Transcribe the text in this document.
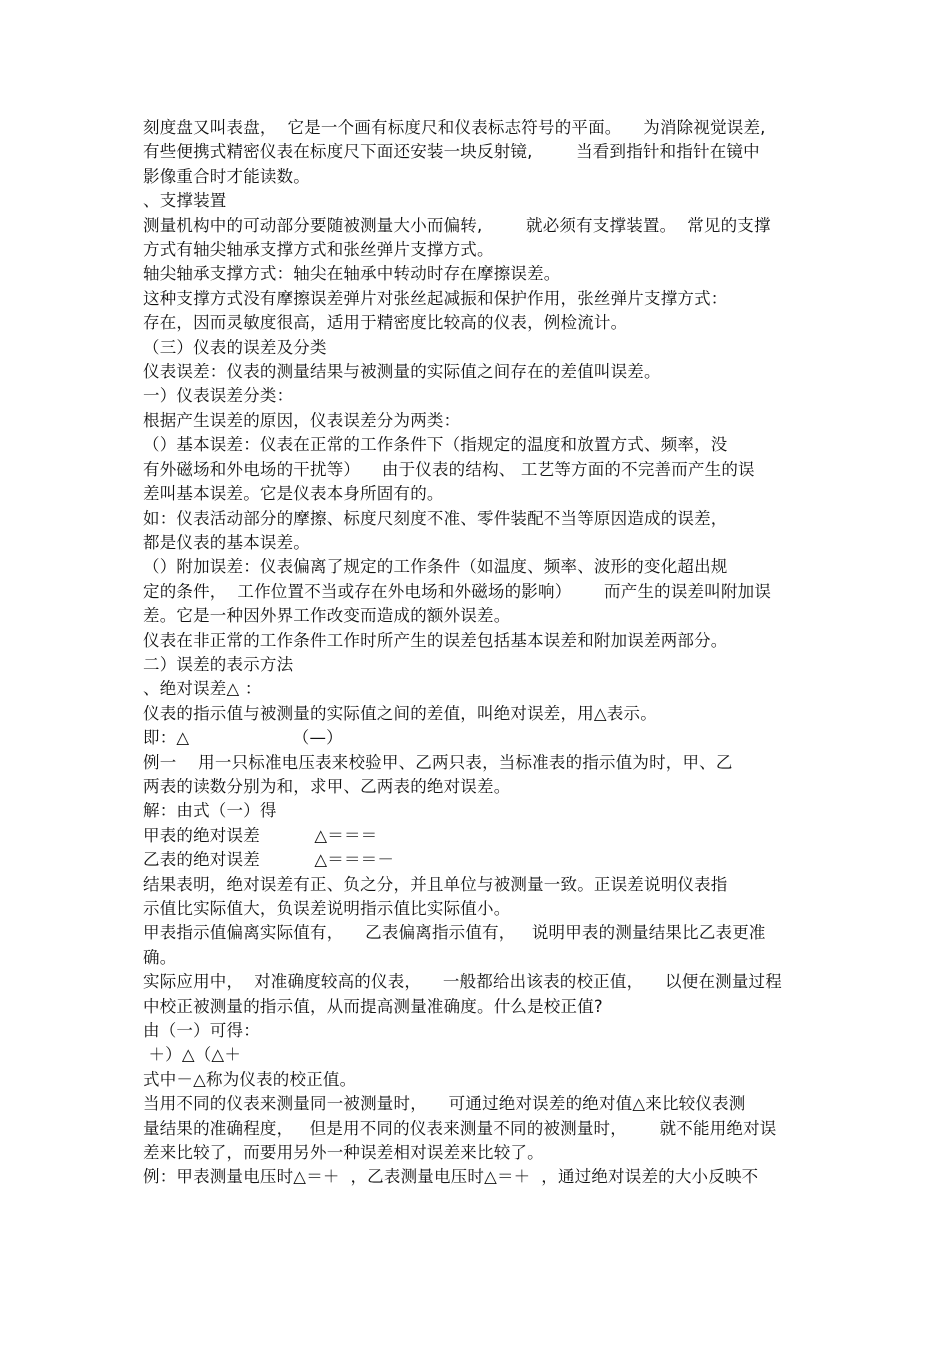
刻度盘又叫表盘，  它是一个画有标度尺和仪表标志符号的平面。    为消除视觉误差,

有些便携式精密仪表在标度尺下面还安装一块反射镜,        当看到指针和指针在镜中

影像重合时才能读数。

、支撑装置

测量机构中的可动部分要随被测量大小而偏转,        就必须有支撑装置。  常见的支撑

方式有轴尖轴承支撑方式和张丝弹片支撑方式。

轴尖轴承支撑方式：轴尖在轴承中转动时存在摩擦误差。

这种支撑方式没有摩擦误差弹片对张丝起减振和保护作用，张丝弹片支撑方式：

存在，因而灵敏度很高，适用于精密度比较高的仪表，例检流计。

（三）仪表的误差及分类

仪表误差：仪表的测量结果与被测量的实际值之间存在的差值叫误差。

一）仪表误差分类：

根据产生误差的原因，仪表误差分为两类：

（）基本误差：仪表在正常的工作条件下（指规定的温度和放置方式、频率，没

有外磁场和外电场的干扰等）    由于仪表的结构、 工艺等方面的不完善而产生的误

差叫基本误差。它是仪表本身所固有的。

如：仪表活动部分的摩擦、标度尺刻度不准、零件装配不当等原因造成的误差，

都是仪表的基本误差。

（）附加误差：仪表偏离了规定的工作条件（如温度、频率、波形的变化超出规

定的条件，  工作位置不当或存在外电场和外磁场的影响）      而产生的误差叫附加误

差。它是一种因外界工作改变而造成的额外误差。

仪表在非正常的工作条件工作时所产生的误差包括基本误差和附加误差两部分。

二）误差的表示方法

、绝对误差△ ：

仪表的指示值与被测量的实际值之间的差值，叫绝对误差，用△表示。

即：△                   （—）

例一    用一只标准电压表来校验甲、乙两只表，当标准表的指示值为时，甲、乙

两表的读数分别为和，求甲、乙两表的绝对误差。

解：由式（一）得

甲表的绝对误差          △＝＝＝

乙表的绝对误差          △＝＝＝－

结果表明，绝对误差有正、负之分，并且单位与被测量一致。正误差说明仪表指

示值比实际值大，负误差说明指示值比实际值小。

甲表指示值偏离实际值有，    乙表偏离指示值有，   说明甲表的测量结果比乙表更准

确。

实际应用中，  对准确度较高的仪表，    一般都给出该表的校正值，    以便在测量过程

中校正被测量的指示值，从而提高测量准确度。什么是校正值?

由（一）可得：

＋）△（△＋

式中－△称为仪表的校正值。

当用不同的仪表来测量同一被测量时，    可通过绝对误差的绝对值△来比较仪表测

量结果的准确程度，   但是用不同的仪表来测量不同的被测量时，      就不能用绝对误

差来比较了，而要用另外一种误差相对误差来比较了。

例：甲表测量电压时△＝＋  ，乙表测量电压时△＝＋  ，通过绝对误差的大小反映不
